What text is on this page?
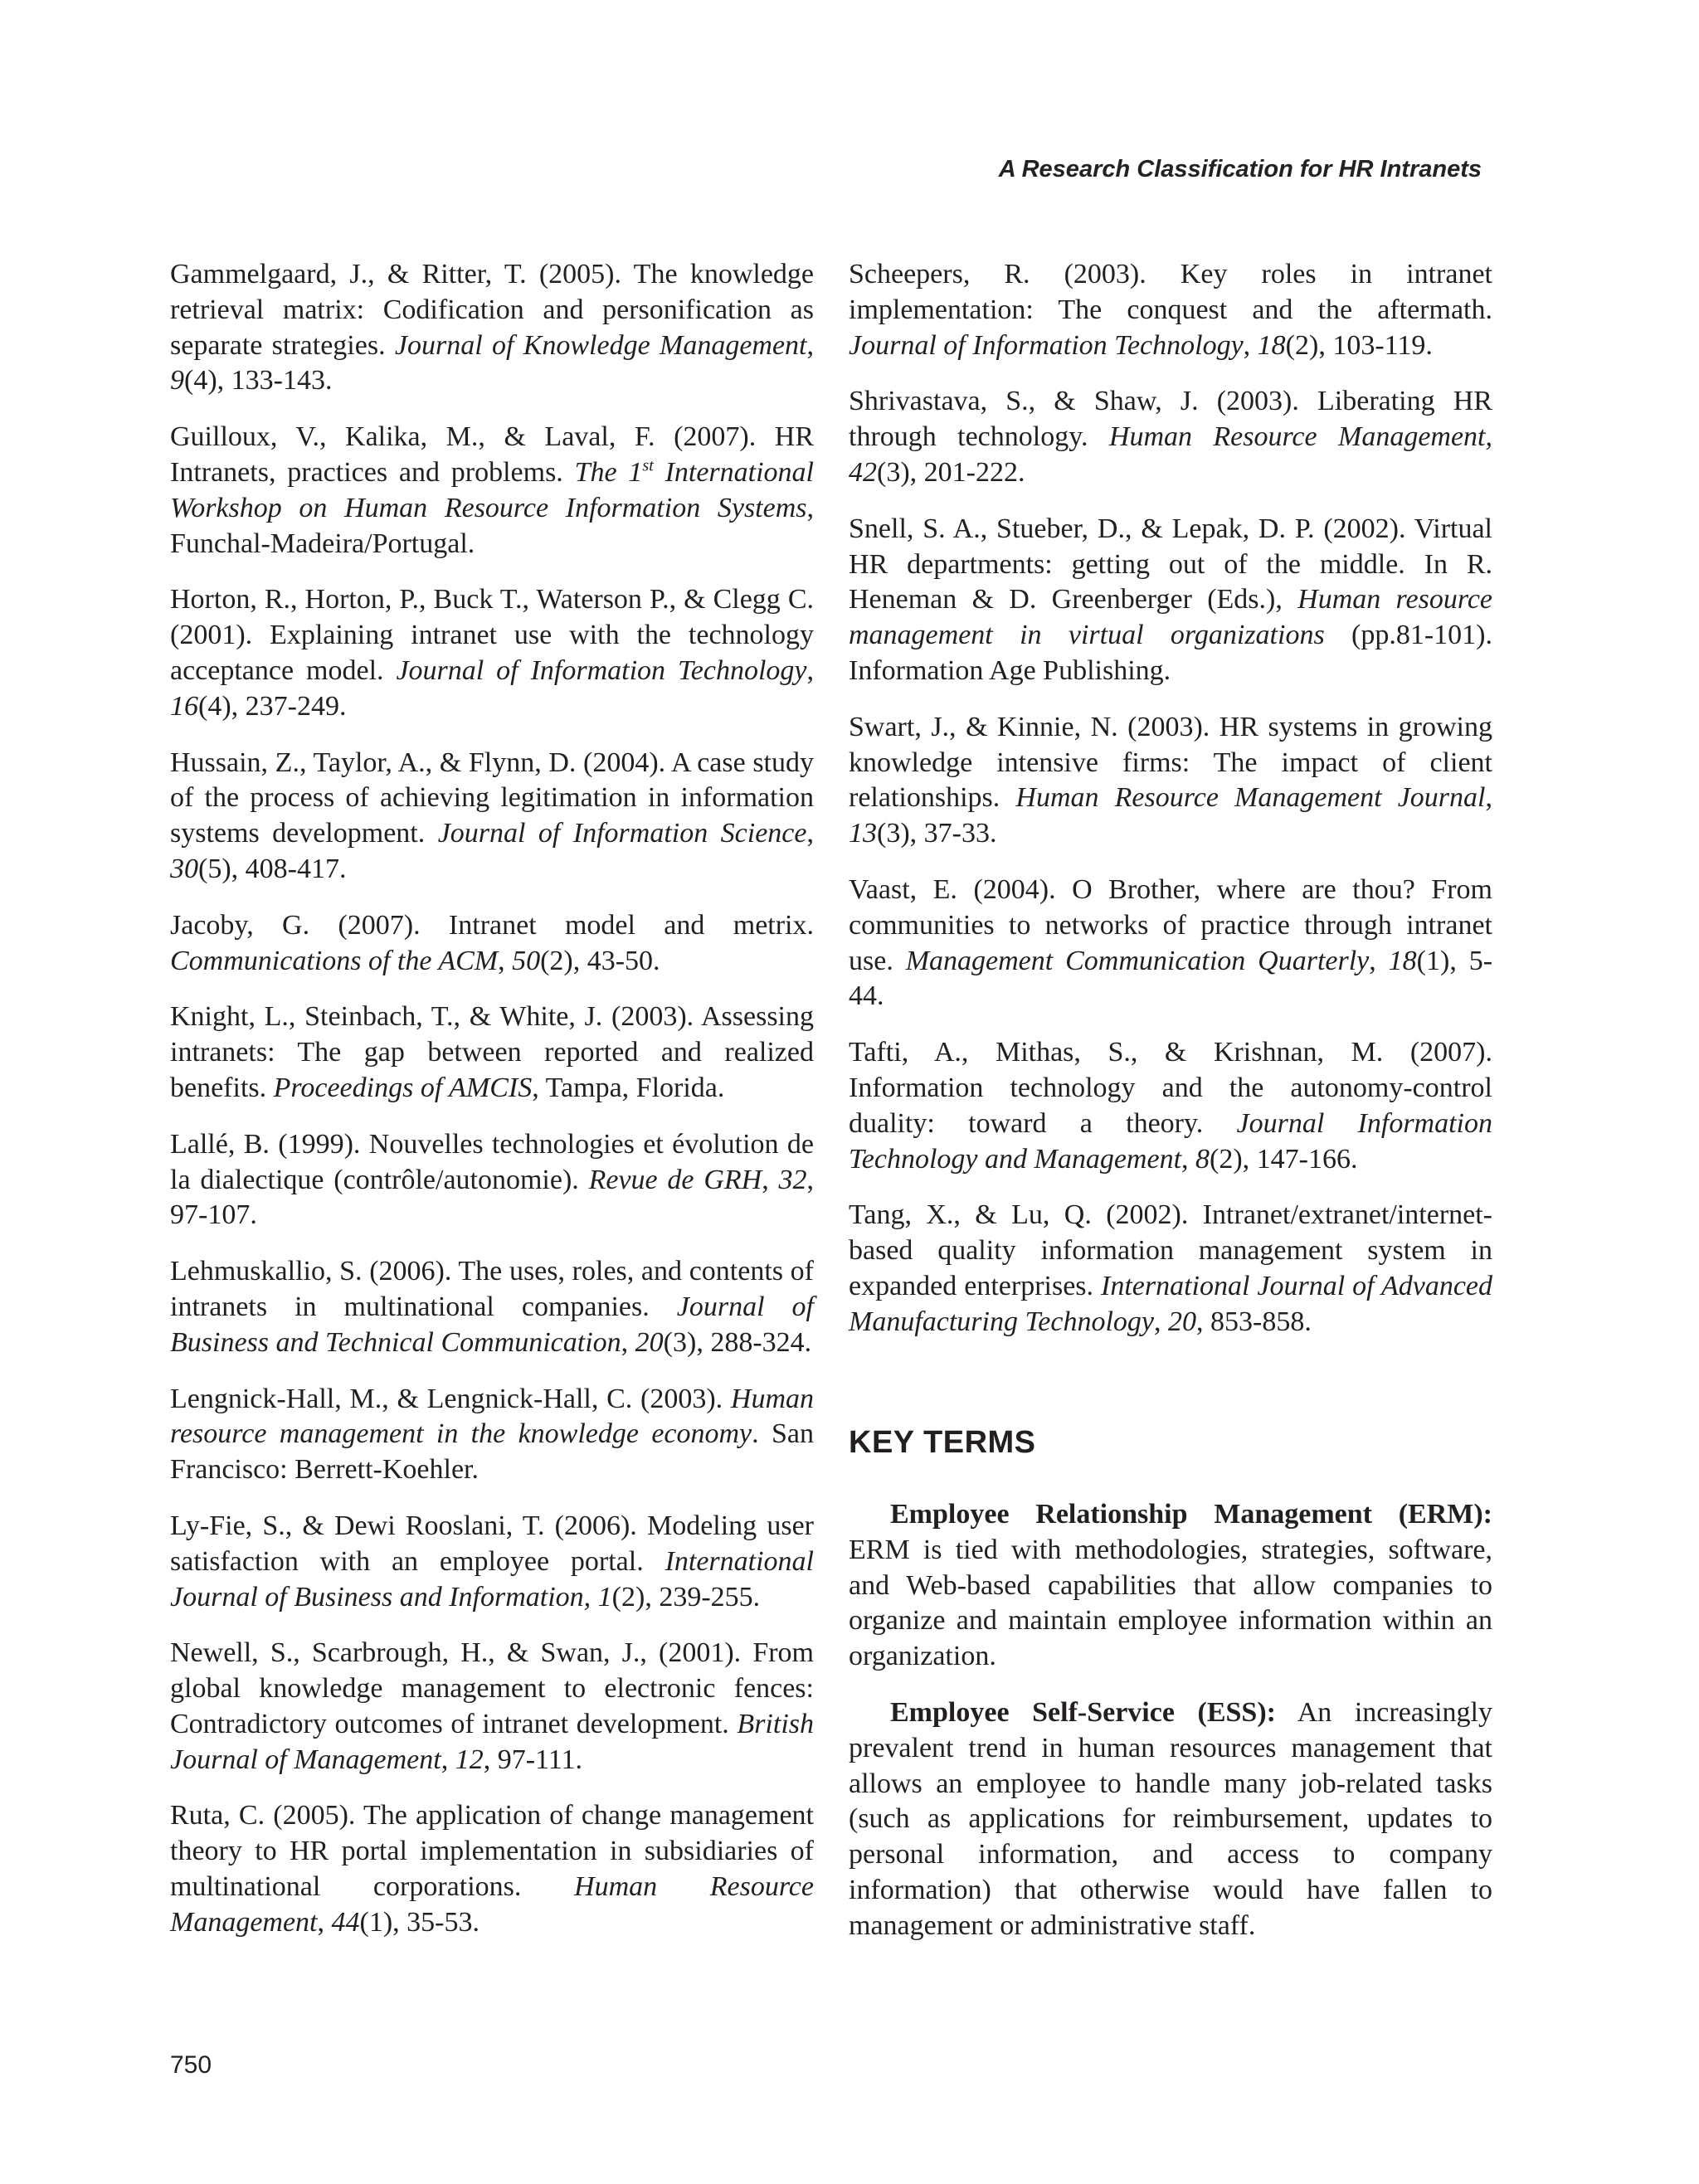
A Research Classification for HR Intranets

Gammelgaard, J., & Ritter, T. (2005). The knowledge retrieval matrix: Codification and personification as separate strategies. Journal of Knowledge Management, 9(4), 133-143.

Guilloux, V., Kalika, M., & Laval, F. (2007). HR Intranets, practices and problems. The 1st International Workshop on Human Resource Information Systems, Funchal-Madeira/Portugal.

Horton, R., Horton, P., Buck T., Waterson P., & Clegg C. (2001). Explaining intranet use with the technology acceptance model. Journal of Information Technology, 16(4), 237-249.

Hussain, Z., Taylor, A., & Flynn, D. (2004). A case study of the process of achieving legitimation in information systems development. Journal of Information Science, 30(5), 408-417.

Jacoby, G. (2007). Intranet model and metrix. Communications of the ACM, 50(2), 43-50.

Knight, L., Steinbach, T., & White, J. (2003). Assessing intranets: The gap between reported and realized benefits. Proceedings of AMCIS, Tampa, Florida.

Lallé, B. (1999). Nouvelles technologies et évolution de la dialectique (contrôle/autonomie). Revue de GRH, 32, 97-107.

Lehmuskallio, S. (2006). The uses, roles, and contents of intranets in multinational companies. Journal of Business and Technical Communication, 20(3), 288-324.

Lengnick-Hall, M., & Lengnick-Hall, C. (2003). Human resource management in the knowledge economy. San Francisco: Berrett-Koehler.

Ly-Fie, S., & Dewi Rooslani, T. (2006). Modeling user satisfaction with an employee portal. International Journal of Business and Information, 1(2), 239-255.

Newell, S., Scarbrough, H., & Swan, J., (2001). From global knowledge management to electronic fences: Contradictory outcomes of intranet development. British Journal of Management, 12, 97-111.

Ruta, C. (2005). The application of change management theory to HR portal implementation in subsidiaries of multinational corporations. Human Resource Management, 44(1), 35-53.

Scheepers, R. (2003). Key roles in intranet implementation: The conquest and the aftermath. Journal of Information Technology, 18(2), 103-119.

Shrivastava, S., & Shaw, J. (2003). Liberating HR through technology. Human Resource Management, 42(3), 201-222.

Snell, S. A., Stueber, D., & Lepak, D. P. (2002). Virtual HR departments: getting out of the middle. In R. Heneman & D. Greenberger (Eds.), Human resource management in virtual organizations (pp.81-101). Information Age Publishing.

Swart, J., & Kinnie, N. (2003). HR systems in growing knowledge intensive firms: The impact of client relationships. Human Resource Management Journal, 13(3), 37-33.

Vaast, E. (2004). O Brother, where are thou? From communities to networks of practice through intranet use. Management Communication Quarterly, 18(1), 5-44.

Tafti, A., Mithas, S., & Krishnan, M. (2007). Information technology and the autonomy-control duality: toward a theory. Journal Information Technology and Management, 8(2), 147-166.

Tang, X., & Lu, Q. (2002). Intranet/extranet/internet-based quality information management system in expanded enterprises. International Journal of Advanced Manufacturing Technology, 20, 853-858.

KEY TERMS

Employee Relationship Management (ERM): ERM is tied with methodologies, strategies, software, and Web-based capabilities that allow companies to organize and maintain employee information within an organization.

Employee Self-Service (ESS): An increasingly prevalent trend in human resources management that allows an employee to handle many job-related tasks (such as applications for reimbursement, updates to personal information, and access to company information) that otherwise would have fallen to management or administrative staff.

750
